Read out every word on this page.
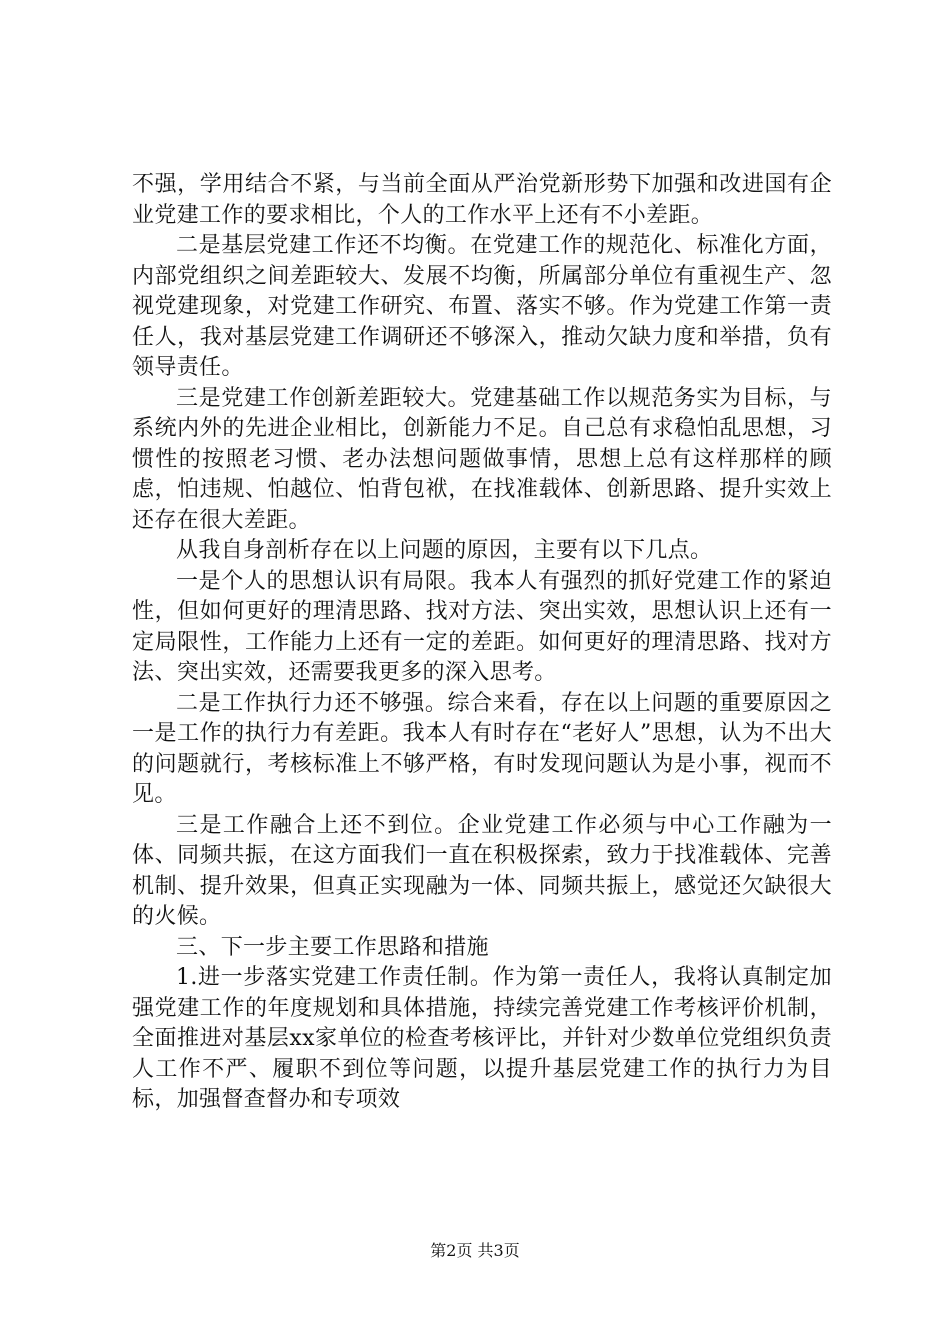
不强，学用结合不紧，与当前全面从严治党新形势下加强和改进国有企业党建工作的要求相比，个人的工作水平上还有不小差距。

二是基层党建工作还不均衡。在党建工作的规范化、标准化方面，内部党组织之间差距较大、发展不均衡，所属部分单位有重视生产、忽视党建现象，对党建工作研究、布置、落实不够。作为党建工作第一责任人，我对基层党建工作调研还不够深入，推动欠缺力度和举措，负有领导责任。

三是党建工作创新差距较大。党建基础工作以规范务实为目标，与系统内外的先进企业相比，创新能力不足。自己总有求稳怕乱思想，习惯性的按照老习惯、老办法想问题做事情，思想上总有这样那样的顾虑，怕违规、怕越位、怕背包袱，在找准载体、创新思路、提升实效上还存在很大差距。

从我自身剖析存在以上问题的原因，主要有以下几点。

一是个人的思想认识有局限。我本人有强烈的抓好党建工作的紧迫性，但如何更好的理清思路、找对方法、突出实效，思想认识上还有一定局限性，工作能力上还有一定的差距。如何更好的理清思路、找对方法、突出实效，还需要我更多的深入思考。

二是工作执行力还不够强。综合来看，存在以上问题的重要原因之一是工作的执行力有差距。我本人有时存在“老好人”思想，认为不出大的问题就行，考核标准上不够严格，有时发现问题认为是小事，视而不见。

三是工作融合上还不到位。企业党建工作必须与中心工作融为一体、同频共振，在这方面我们一直在积极探索，致力于找准载体、完善机制、提升效果，但真正实现融为一体、同频共振上，感觉还欠缺很大的火候。

三、下一步主要工作思路和措施

1.进一步落实党建工作责任制。作为第一责任人，我将认真制定加强党建工作的年度规划和具体措施，持续完善党建工作考核评价机制，全面推进对基层xx家单位的检查考核评比，并针对少数单位党组织负责人工作不严、履职不到位等问题，以提升基层党建工作的执行力为目标，加强督查督办和专项效

第2页 共3页
